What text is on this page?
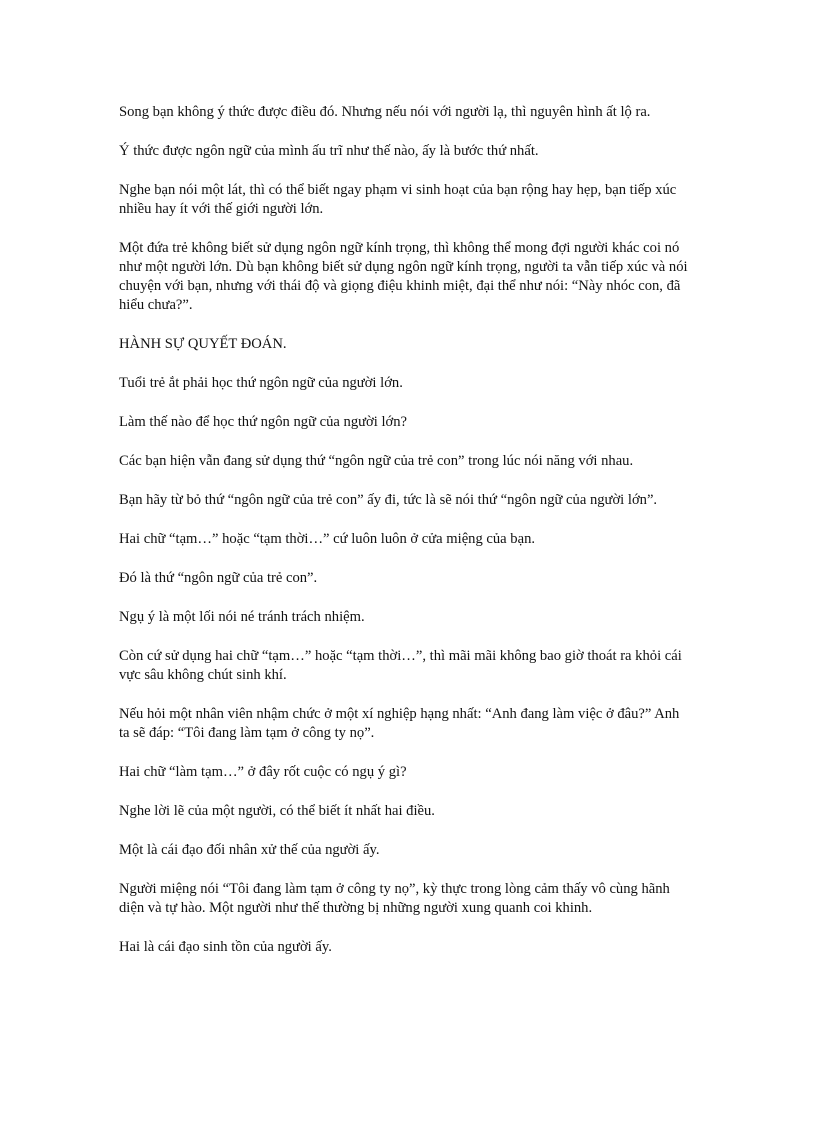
Song bạn không ý thức được điều đó. Nhưng nếu nói với người lạ, thì nguyên hình ất lộ ra.

Ý thức được ngôn ngữ của mình ấu trĩ như thế nào, ấy là bước thứ nhất.

Nghe bạn nói một lát, thì có thể biết ngay phạm vi sinh hoạt của bạn rộng hay hẹp, bạn tiếp xúc nhiều hay ít với thế giới người lớn.

Một đứa trẻ không biết sử dụng ngôn ngữ kính trọng, thì không thể mong đợi người khác coi nó như một người lớn. Dù bạn không biết sử dụng ngôn ngữ kính trọng, người ta vẫn tiếp xúc và nói chuyện với bạn, nhưng với thái độ và giọng điệu khinh miệt, đại thể như nói: “Này nhóc con, đã hiểu chưa?”.

HÀNH SỰ QUYẾT ĐOÁN.

Tuổi trẻ ắt phải học thứ ngôn ngữ của người lớn.

Làm thế nào để học thứ ngôn ngữ của người lớn?

Các bạn hiện vẫn đang sử dụng thứ “ngôn ngữ của trẻ con” trong lúc nói năng với nhau.

Bạn hãy từ bỏ thứ “ngôn ngữ của trẻ con” ấy đi, tức là sẽ nói thứ “ngôn ngữ của người lớn”.

Hai chữ “tạm…” hoặc “tạm thời…” cứ luôn luôn ở cửa miệng của bạn.

Đó là thứ “ngôn ngữ của trẻ con”.

Ngụ ý là một lối nói né tránh trách nhiệm.

Còn cứ sử dụng hai chữ “tạm…” hoặc “tạm thời…”, thì mãi mãi không bao giờ thoát ra khỏi cái vực sâu không chút sinh khí.

Nếu hỏi một nhân viên nhậm chức ở một xí nghiệp hạng nhất: “Anh đang làm việc ở đâu?” Anh ta sẽ đáp: “Tôi đang làm tạm ở công ty nọ”.

Hai chữ “làm tạm…” ở đây rốt cuộc có ngụ ý gì?

Nghe lời lẽ của một người, có thể biết ít nhất hai điều.

Một là cái đạo đối nhân xử thế của người ấy.

Người miệng nói “Tôi đang làm tạm ở công ty nọ”, kỳ thực trong lòng cảm thấy vô cùng hãnh diện và tự hào. Một người như thế thường bị những người xung quanh coi khinh.

Hai là cái đạo sinh tồn của người ấy.
